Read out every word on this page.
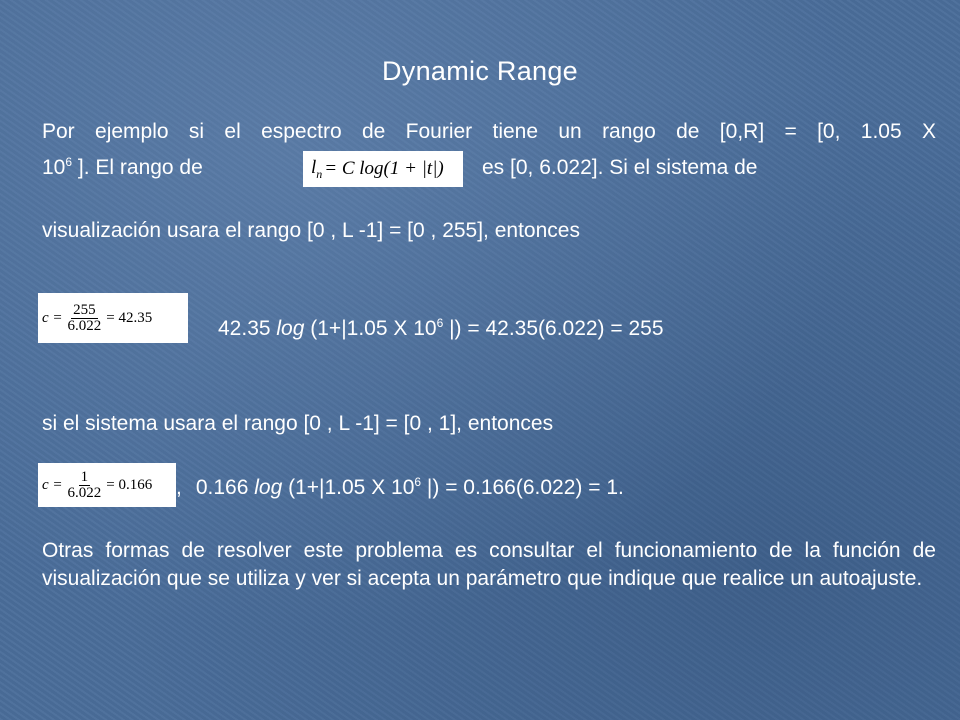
Dynamic Range
Por ejemplo si el espectro de Fourier tiene un rango de [0,R] = [0, 1.05 X
$10^6$ ]. El rango de	$l_n = C$ log(1 + |t|) es [0, 6.022]. Si el sistema de
visualización usara el rango [0 , L -1] = [0 , 255], entonces
$c = \frac{255}{6.022} = 42.35$	42.35 log (1+|1.05 X $10^6$ |) = 42.35(6.022) = 255
si el sistema usara el rango [0 , L -1] = [0 , 1], entonces
$c = \frac{1}{6.022} = 0.166$ , 0.166 log (1+|1.05 X $10^6$ |) = 0.166(6.022) = 1.
Otras formas de resolver este problema es consultar el funcionamiento de la función de visualización que se utiliza y ver si acepta un parámetro que indique que realice un autoajuste.
